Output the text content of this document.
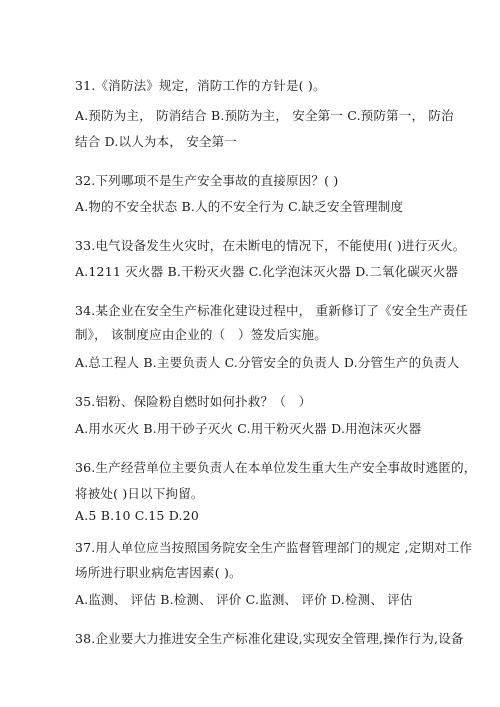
31.《消防法》规定，消防工作的方针是( )。
A.预防为主， 防消结合 B.预防为主， 安全第一 C.预防第一， 防治
结合 D.以人为本， 安全第一
32.下列哪项不是生产安全事故的直接原因？( )
A.物的不安全状态 B.人的不安全行为 C.缺乏安全管理制度
33.电气设备发生火灾时，在未断电的情况下，不能使用( )进行灭火。
A.1211 灭火器 B.干粉灭火器 C.化学泡沫灭火器 D.二氧化碳灭火器
34.某企业在安全生产标准化建设过程中， 重新修订了《安全生产责任
制》， 该制度应由企业的（　）签发后实施。
A.总工程人 B.主要负责人 C.分管安全的负责人 D.分管生产的负责人
35.铝粉、保险粉自燃时如何扑救？（　）
A.用水灭火 B.用干砂子灭火 C.用干粉灭火器 D.用泡沫灭火器
36.生产经营单位主要负责人在本单位发生重大生产安全事故时逃匿的，
将被处( )日以下拘留。
A.5 B.10 C.15 D.20
37.用人单位应当按照国务院安全生产监督管理部门的规定 ,定期对工作
场所进行职业病危害因素( )。
A.监测、 评估 B.检测、 评价 C.监测、 评价 D.检测、 评估
38.企业要大力推进安全生产标准化建设,实现安全管理,操作行为,设备
